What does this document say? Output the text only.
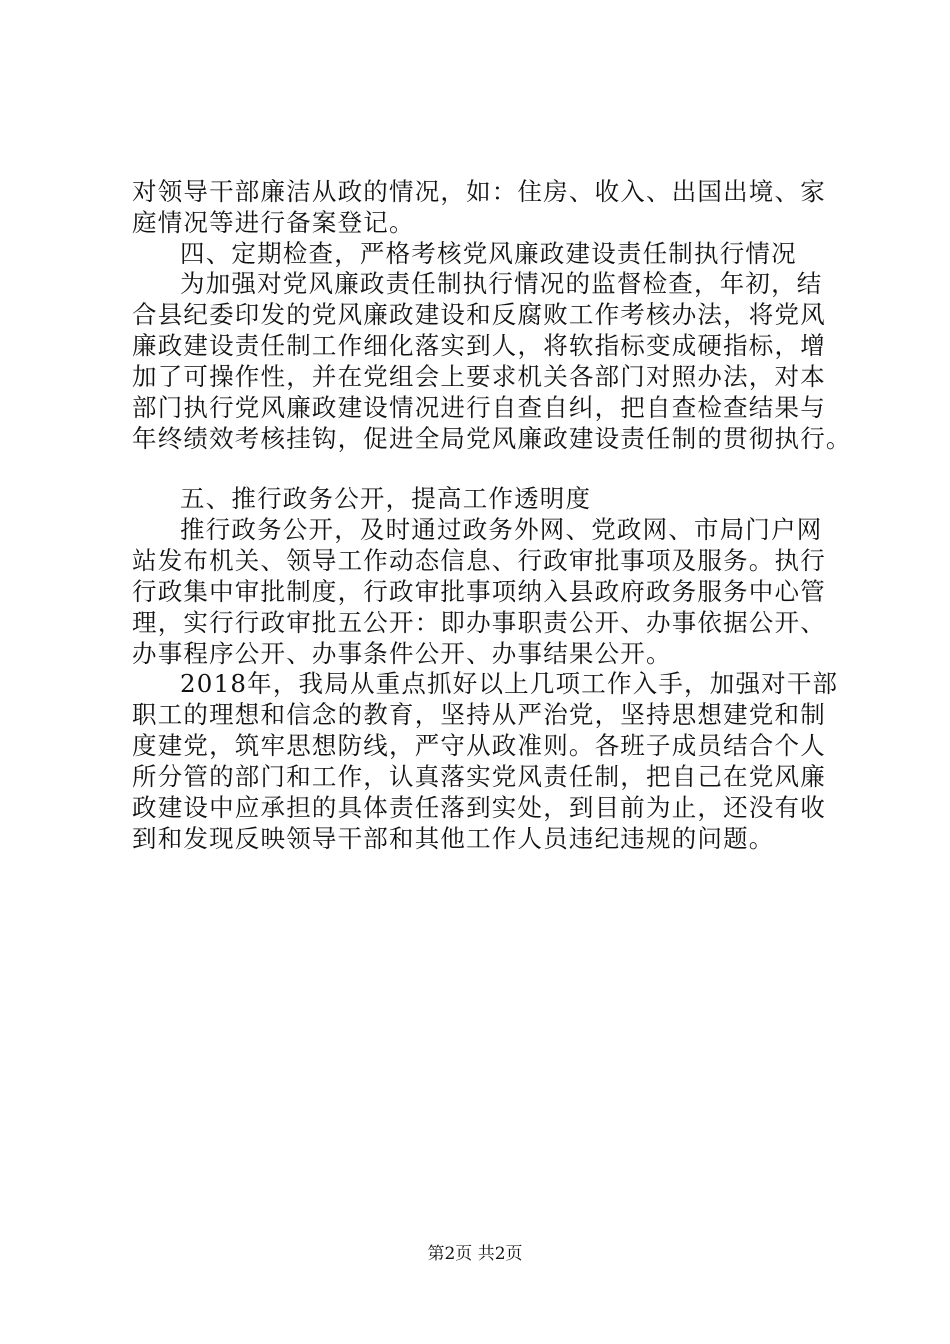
对领导干部廉洁从政的情况，如：住房、收入、出国出境、家
庭情况等进行备案登记。
四、定期检查，严格考核党风廉政建设责任制执行情况
为加强对党风廉政责任制执行情况的监督检查，年初，结
合县纪委印发的党风廉政建设和反腐败工作考核办法，将党风
廉政建设责任制工作细化落实到人，将软指标变成硬指标，增
加了可操作性，并在党组会上要求机关各部门对照办法，对本
部门执行党风廉政建设情况进行自查自纠，把自查检查结果与
年终绩效考核挂钩，促进全局党风廉政建设责任制的贯彻执行。
五、推行政务公开，提高工作透明度
推行政务公开，及时通过政务外网、党政网、市局门户网
站发布机关、领导工作动态信息、行政审批事项及服务。执行
行政集中审批制度，行政审批事项纳入县政府政务服务中心管
理，实行行政审批五公开：即办事职责公开、办事依据公开、
办事程序公开、办事条件公开、办事结果公开。
2018年，我局从重点抓好以上几项工作入手，加强对干部
职工的理想和信念的教育，坚持从严治党，坚持思想建党和制
度建党，筑牢思想防线，严守从政准则。各班子成员结合个人
所分管的部门和工作，认真落实党风责任制，把自己在党风廉
政建设中应承担的具体责任落到实处，到目前为止，还没有收
到和发现反映领导干部和其他工作人员违纪违规的问题。
第2页 共2页
